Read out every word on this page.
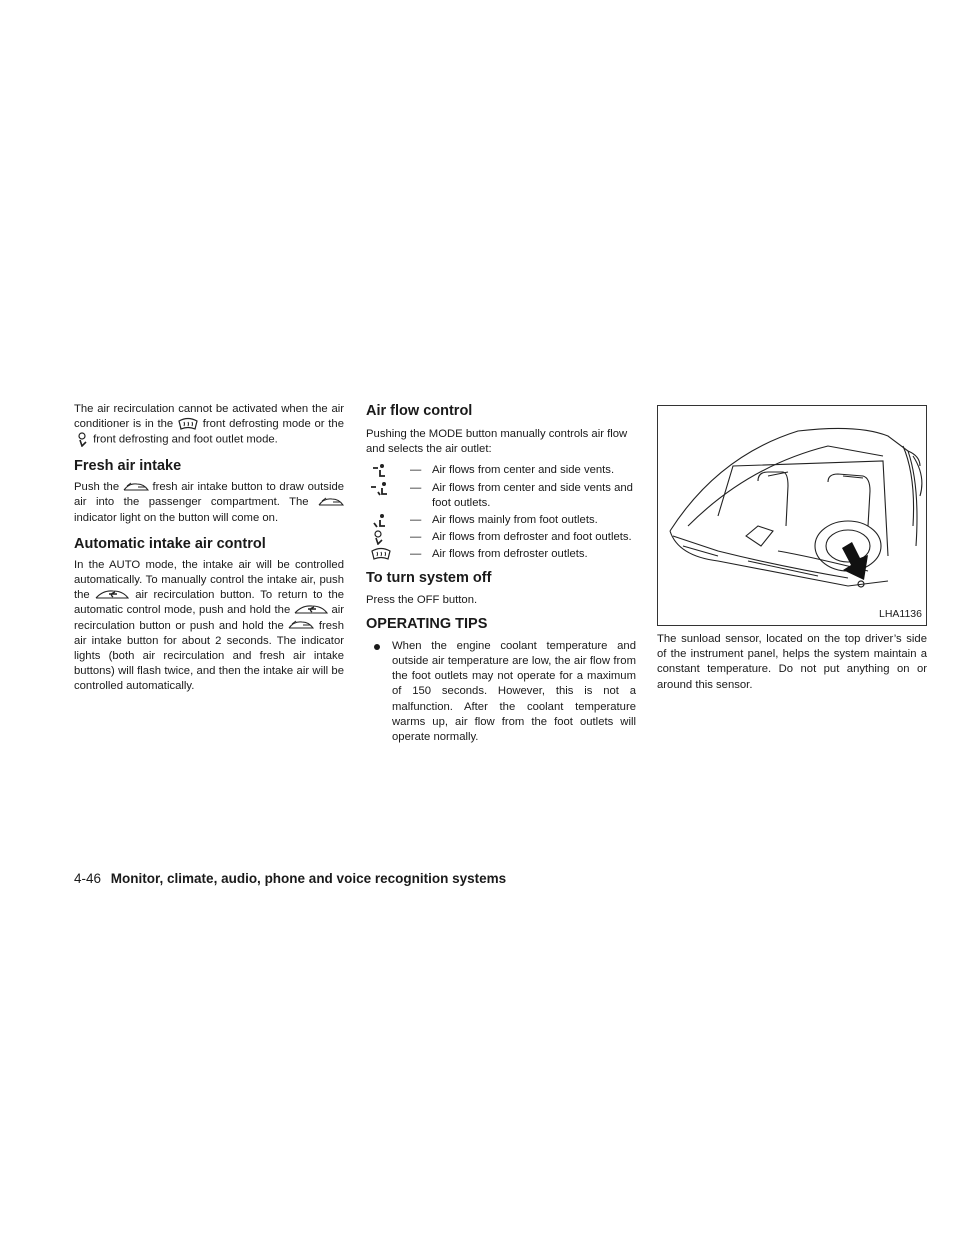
The air recirculation cannot be activated when the air conditioner is in the	front defrosting mode or the
front defrosting and foot outlet mode.

Fresh air intake

Push the	fresh air intake button to draw outside air into the passenger compartment. The
indicator light on the button will come on.

Automatic intake air control

In the AUTO mode, the intake air will be controlled automatically. To manually control the intake air, push the	air recirculation button. To return to the automatic control mode, push and hold the	air recirculation button or push and hold the	fresh air intake button for about 2 seconds. The indicator lights (both air recirculation and fresh air intake buttons) will flash twice, and then the intake air will be controlled automatically.

Air flow control

Pushing the MODE button manually controls air flow and selects the air outlet:

— Air flows from center and side vents.
— Air flows from center and side vents and foot outlets.
— Air flows mainly from foot outlets.
— Air flows from defroster and foot outlets.
— Air flows from defroster outlets.
To turn system off

Press the OFF button.

OPERATING TIPS

When the engine coolant temperature and outside air temperature are low, the air flow from the foot outlets may not operate for a maximum of 150 seconds. However, this is not a malfunction. After the coolant temperature warms up, air flow from the foot outlets will operate normally.

LHA1136

The sunload sensor, located on the top driver’s side of the instrument panel, helps the system maintain a constant temperature. Do not put anything on or around this sensor.

4-46 Monitor, climate, audio, phone and voice recognition systems
